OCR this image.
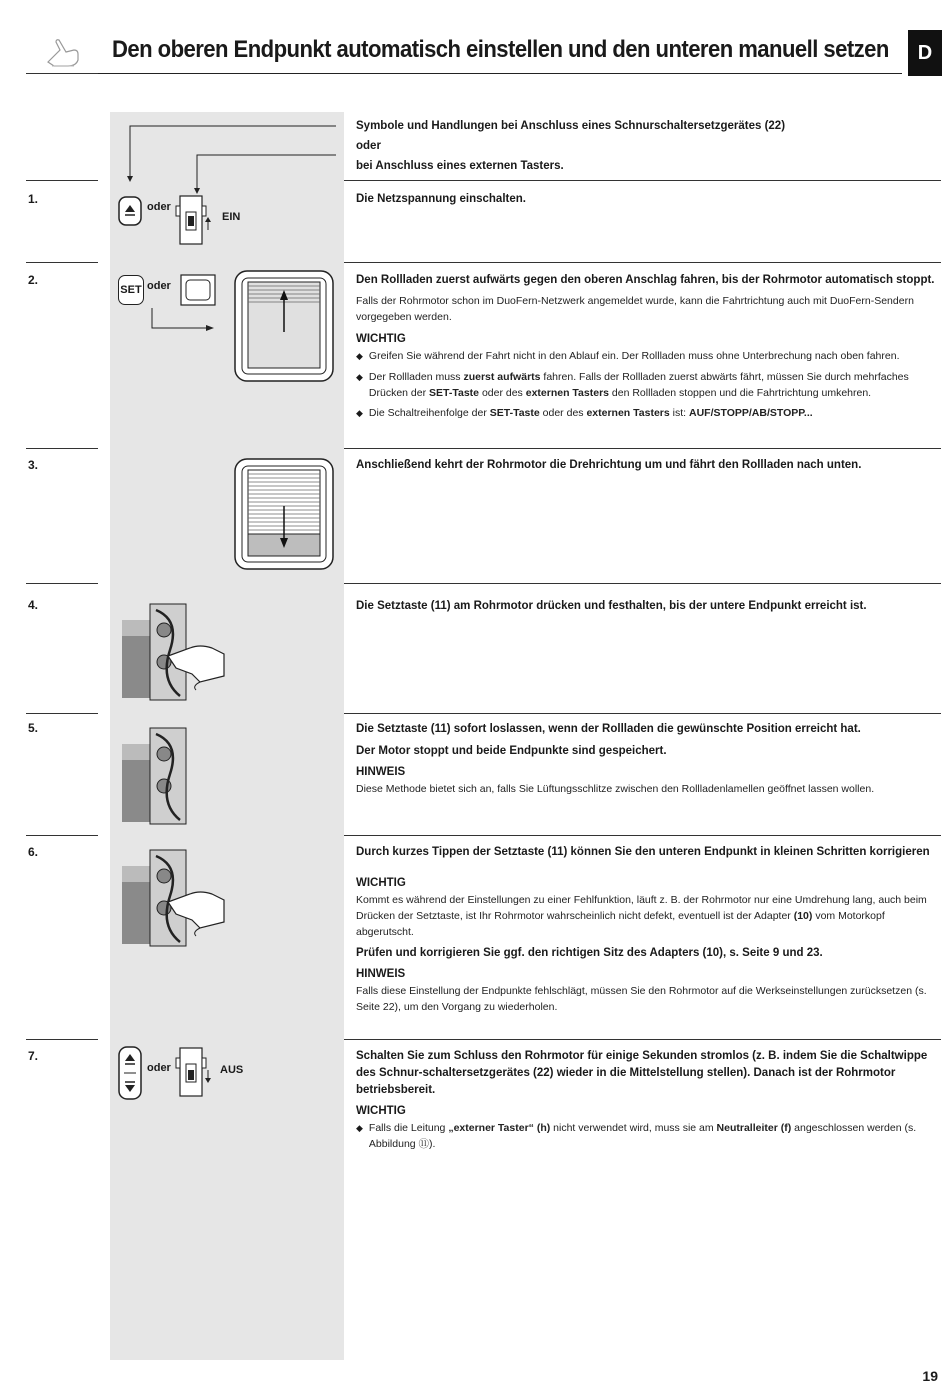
Den oberen Endpunkt automatisch einstellen und den unteren manuell setzen	D

Symbole und Handlungen bei Anschluss eines Schnurschaltersetzgerätes (22)

oder

bei Anschluss eines externen Tasters.

1.
oder
EIN
Die Netzspannung einschalten.
2.
SET oder	Den Rollladen zuerst aufwärts gegen den oberen Anschlag fahren, bis der Rohrmotor automatisch stoppt.

Falls der Rohrmotor schon im DuoFern-Netzwerk angemeldet wurde, kann die Fahrtrichtung auch mit DuoFern-Sendern vorgegeben werden.

WICHTIG

◆ Greifen Sie während der Fahrt nicht in den Ablauf ein. Der Rollladen muss ohne Unterbrechung nach oben fahren.
◆ Der Rollladen muss zuerst aufwärts fahren. Falls der Rollladen zuerst abwärts fährt, müssen Sie durch mehrfaches Drücken der SET-Taste oder des externen Tasters den Rollladen stoppen und die Fahrtrichtung umkehren.
◆ Die Schaltreihenfolge der SET-Taste oder des externen Tasters ist: AUF/STOPP/AB/STOPP...
3.	Anschließend kehrt der Rohrmotor die Drehrichtung um und fährt den Rollladen nach unten.
4.	Die Setztaste (11) am Rohrmotor drücken und festhalten, bis der untere Endpunkt erreicht ist.
5.	Die Setztaste (11) sofort loslassen, wenn der Rollladen die gewünschte Position erreicht hat.

Der Motor stoppt und beide Endpunkte sind gespeichert.

HINWEIS

Diese Methode bietet sich an, falls Sie Lüftungsschlitze zwischen den Rollladenlamellen geöffnet lassen wollen.

6.	Durch kurzes Tippen der Setztaste (11) können Sie den unteren Endpunkt in kleinen Schritten korrigieren

WICHTIG

Kommt es während der Einstellungen zu einer Fehlfunktion, läuft z. B. der Rohrmotor nur eine Umdrehung lang, auch beim Drücken der Setztaste, ist Ihr Rohrmotor wahrscheinlich nicht defekt, eventuell ist der Adapter (10) vom Motorkopf abgerutscht.

Prüfen und korrigieren Sie ggf. den richtigen Sitz des Adapters (10), s. Seite 9 und 23.

HINWEIS

Falls diese Einstellung der Endpunkte fehlschlägt, müssen Sie den Rohrmotor auf die Werkseinstellungen zurücksetzen (s. Seite 22), um den Vorgang zu wiederholen.

7.
oder	AUS

Schalten Sie zum Schluss den Rohrmotor für einige Sekunden stromlos (z. B. indem Sie die Schaltwippe des Schnur-schaltersetzgerätes (22) wieder in die Mittelstellung stellen). Danach ist der Rohrmotor betriebsbereit.

WICHTIG

◆ Falls die Leitung „externer Taster“ (h) nicht verwendet wird, muss sie am Neutralleiter (f) angeschlossen werden (s. Abbildung ⑪).
19
